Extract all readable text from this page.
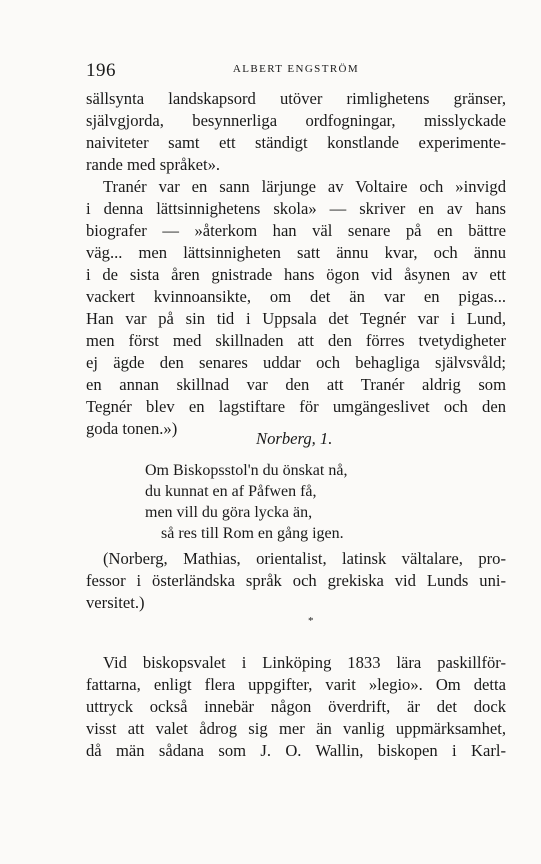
196	ALBERT ENGSTRÖM
sällsynta landskapsord utöver rimlighetens gränser,
självgjorda, besynnerliga ordfogningar, misslyckade
naiviteter samt ett ständigt konstlande experimente-
rande med språket».
Tranér var en sann lärjunge av Voltaire och »invigd
i denna lättsinnighetens skola» — skriver en av hans
biografer — »återkom han väl senare på en bättre
väg... men lättsinnigheten satt ännu kvar, och ännu
i de sista åren gnistrade hans ögon vid åsynen av ett
vackert kvinnoansikte, om det än var en pigas...
Han var på sin tid i Uppsala det Tegnér var i Lund,
men först med skillnaden att den förres tvetydigheter
ej ägde den senares uddar och behagliga självsvåld;
en annan skillnad var den att Tranér aldrig som
Tegnér blev en lagstiftare för umgängeslivet och den
goda tonen.»)
Norberg, 1.
Om Biskopsstol'n du önskat nå,
du kunnat en af Påfwen få,
men vill du göra lycka än,
så res till Rom en gång igen.
(Norberg, Mathias, orientalist, latinsk vältalare, pro-
fessor i österländska språk och grekiska vid Lunds uni-
versitet.)
*
Vid biskopsvalet i Linköping 1833 lära paskillför-
fattarna, enligt flera uppgifter, varit »legio». Om detta
uttryck också innebär någon överdrift, är det dock
visst att valet ådrog sig mer än vanlig uppmärksamhet,
då män sådana som J. O. Wallin, biskopen i Karl-
